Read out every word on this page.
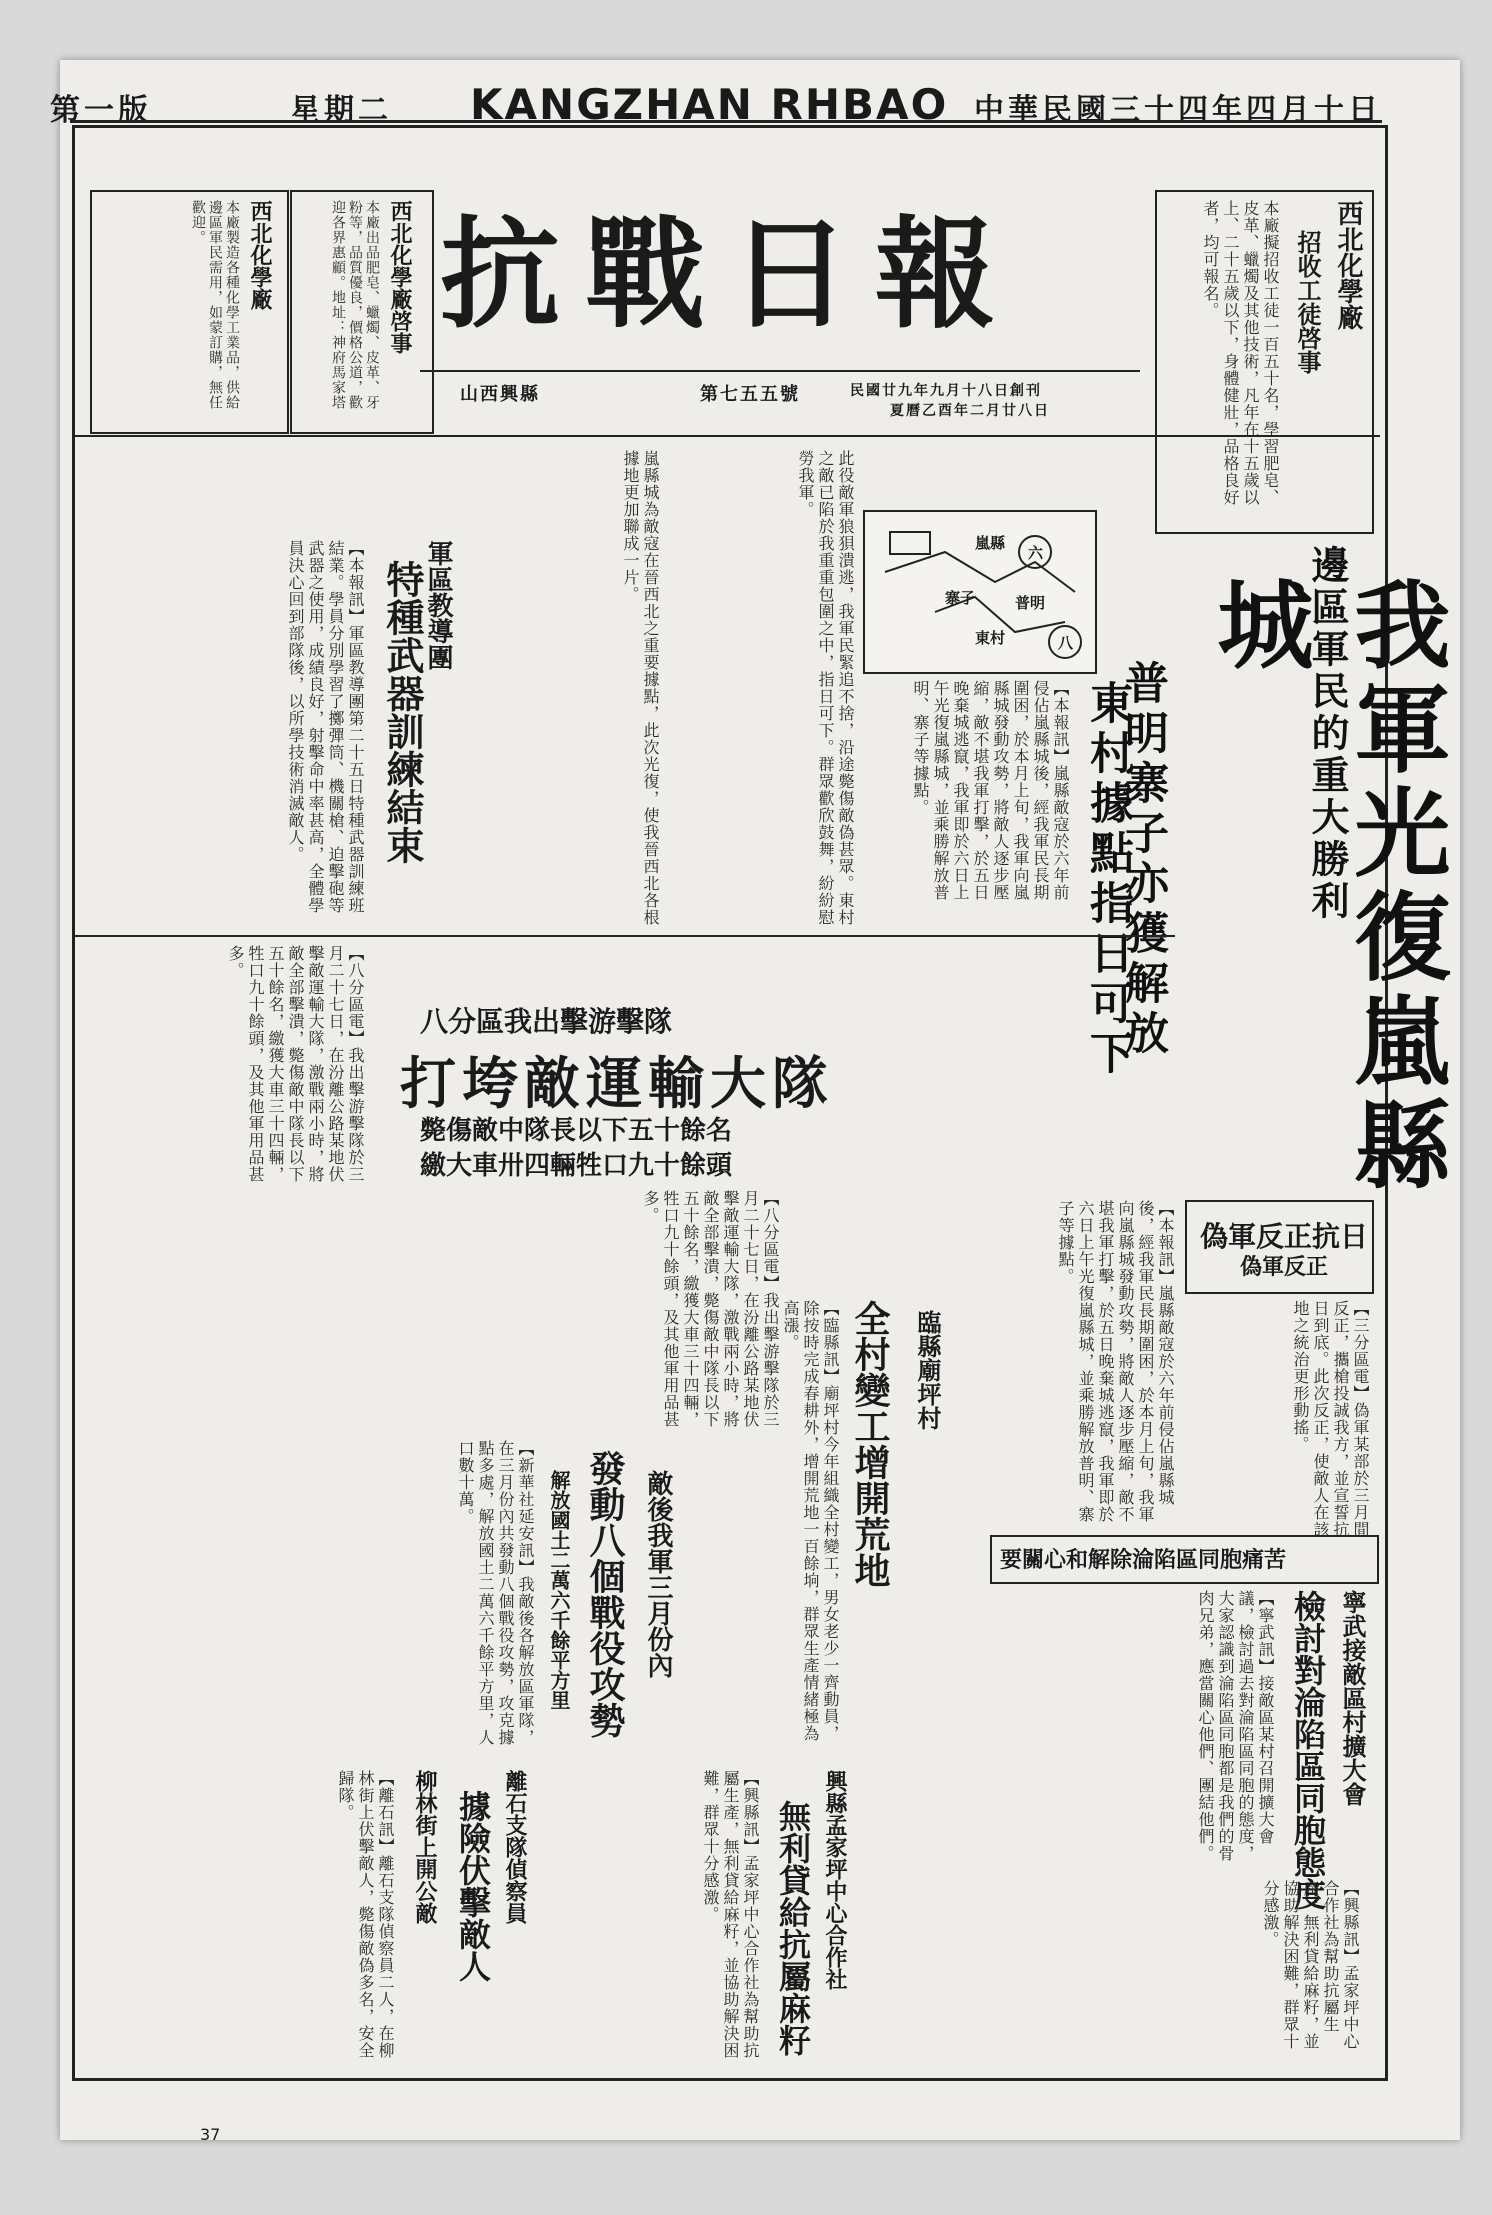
第一版	星期二 KANGZHAN RHBAO 中華民國三十四年四月十日
西北化學廠
招收工徒啓事
本廠擬招收工徒一百五十名，學習肥皂、皮革、蠟燭及其他技術，凡年在十五歲以上、二十五歲以下，身體健壯，品格良好者，均可報名。
抗戰日報
第七五五號
山西興縣	民國廿九年九月十八日創刊
夏曆乙酉年二月廿八日
西北化學廠啓事
本廠出品肥皂、蠟燭、皮革、牙粉等，品質優良，價格公道，歡迎各界惠顧。地址：神府馬家塔
西北化學廠
本廠製造各種化學工業品，供給邊區軍民需用，如蒙訂購，無任歡迎。
邊區軍民的重大勝利
我軍光復嵐縣城
普明寨子亦獲解放
東村據點指日可下
【本報訊】嵐縣敵寇於六年前侵佔嵐縣城後，經我軍民長期圍困，於本月上旬，我軍向嵐縣城發動攻勢，將敵人逐步壓縮，敵不堪我軍打擊，於五日晚棄城逃竄，我軍即於六日上午光復嵐縣城，並乘勝解放普明、寨子等據點。
此役敵軍狼狽潰逃，我軍民緊追不捨，沿途斃傷敵偽甚眾。東村之敵已陷於我重重包圍之中，指日可下。群眾歡欣鼓舞，紛紛慰勞我軍。
嵐縣城為敵寇在晉西北之重要據點，此次光復，使我晉西北各根據地更加聯成一片。	嵐縣
寨子	普明
東村
六
八
軍區教導團
特種武器訓練結束
【本報訊】軍區教導團第二十五日特種武器訓練班結業。學員分別學習了擲彈筒、機關槍、迫擊砲等武器之使用，成績良好，射擊命中率甚高，全體學員決心回到部隊後，以所學技術消滅敵人。
八分區我出擊游擊隊
打垮敵運輸大隊
斃傷敵中隊長以下五十餘名
繳大車卅四輛牲口九十餘頭
【八分區電】我出擊游擊隊於三月二十七日，在汾離公路某地伏擊敵運輸大隊，激戰兩小時，將敵全部擊潰，斃傷敵中隊長以下五十餘名，繳獲大車三十四輛，牲口九十餘頭，及其他軍用品甚多。
【八分區電】我出擊游擊隊於三月二十七日，在汾離公路某地伏擊敵運輸大隊，激戰兩小時，將敵全部擊潰，斃傷敵中隊長以下五十餘名，繳獲大車三十四輛，牲口九十餘頭，及其他軍用品甚多。
偽軍反正抗日
偽軍反正
【三分區電】偽軍某部於三月間反正，攜槍投誠我方，並宣誓抗日到底。此次反正，使敵人在該地之統治更形動搖。
【本報訊】嵐縣敵寇於六年前侵佔嵐縣城後，經我軍民長期圍困，於本月上旬，我軍向嵐縣城發動攻勢，將敵人逐步壓縮，敵不堪我軍打擊，於五日晚棄城逃竄，我軍即於六日上午光復嵐縣城，並乘勝解放普明、寨子等據點。
敵後我軍三月份內
發動八個戰役攻勢
解放國土二萬六千餘平方里
【新華社延安訊】我敵後各解放區軍隊，在三月份內共發動八個戰役攻勢，攻克據點多處，解放國土二萬六千餘平方里，人口數十萬。
臨縣廟坪村
全村變工增開荒地
【臨縣訊】廟坪村今年組織全村變工，男女老少一齊動員，除按時完成春耕外，增開荒地一百餘垧，群眾生產情緒極為高漲。
要關心和解除淪陷區同胞痛苦
寧武接敵區村擴大會
檢討對淪陷區同胞態度
【寧武訊】接敵區某村召開擴大會議，檢討過去對淪陷區同胞的態度，大家認識到淪陷區同胞都是我們的骨肉兄弟，應當關心他們、團結他們。
興縣孟家坪中心合作社
無利貸給抗屬麻籽
【興縣訊】孟家坪中心合作社為幫助抗屬生產，無利貸給麻籽，並協助解決困難，群眾十分感激。
【興縣訊】孟家坪中心合作社為幫助抗屬生產，無利貸給麻籽，並協助解決困難，群眾十分感激。
離石支隊偵察員
據險伏擊敵人
柳林街上開公敵
【離石訊】離石支隊偵察員二人，在柳林街上伏擊敵人，斃傷敵偽多名，安全歸隊。
37
